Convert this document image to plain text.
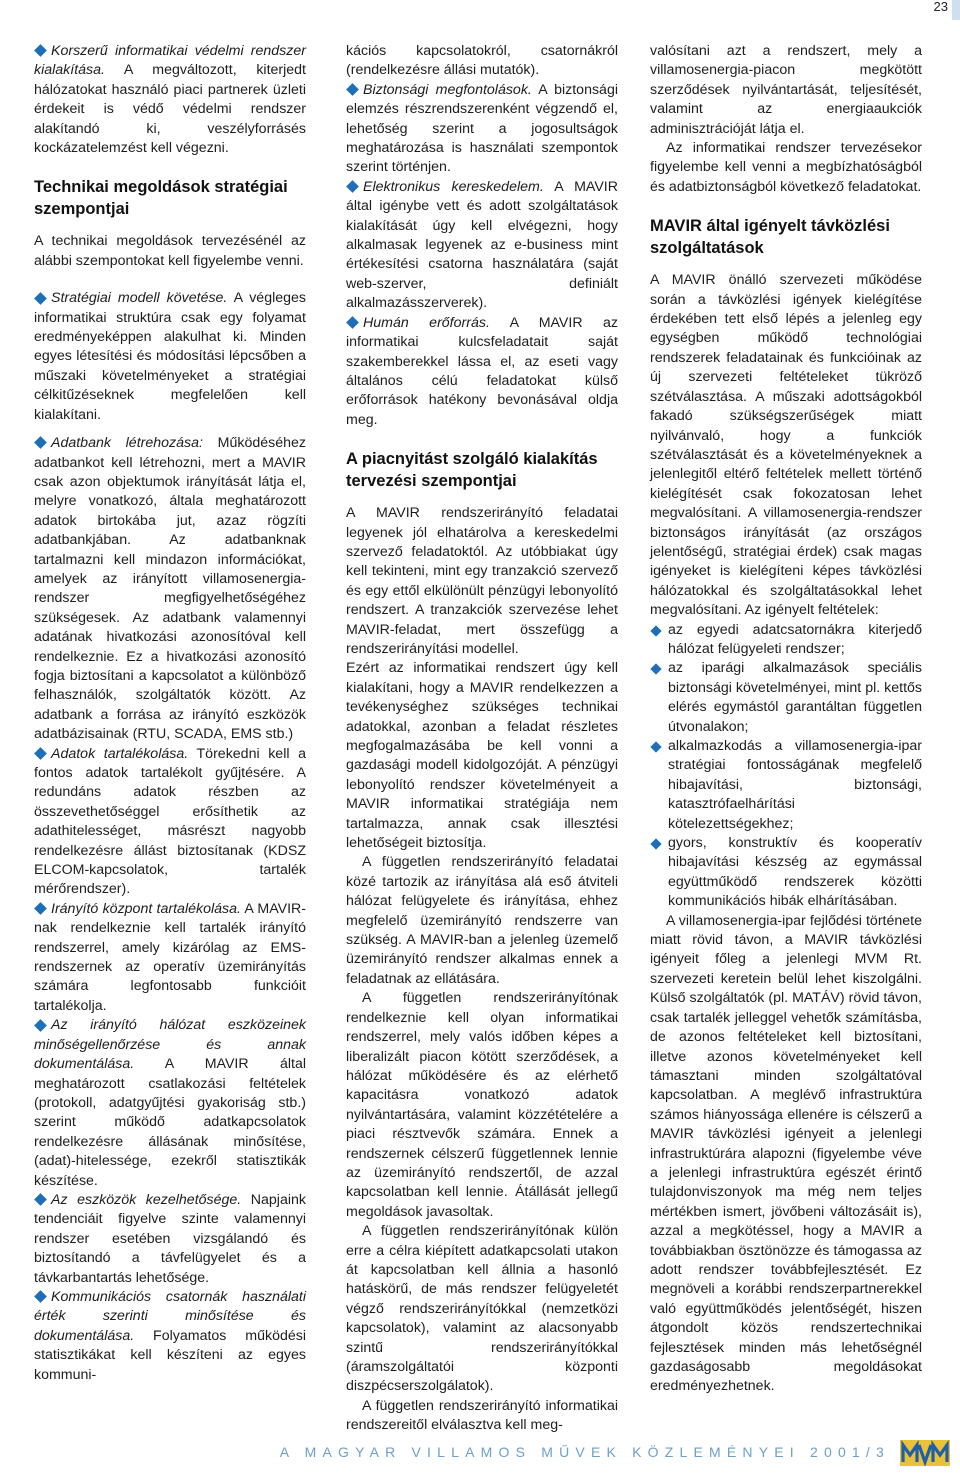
23

Korszerű informatikai védelmi rendszer kialakítása. A megváltozott, kiterjedt hálózatokat használó piaci partnerek üzleti érdekeit is védő védelmi rendszer alakítandó ki, veszélyforrásés kockázatelemzést kell végezni.

Technikai megoldások stratégiai szempontjai

A technikai megoldások tervezésénél az alábbi szempontokat kell figyelembe venni.

Stratégiai modell követése. A végleges informatikai struktúra csak egy folyamat eredményeképpen alakulhat ki. Minden egyes létesítési és módosítási lépcsőben a műszaki követelményeket a stratégiai célkitűzéseknek megfelelően kell kialakítani.

Adatbank létrehozása: Működéséhez adatbankot kell létrehozni, mert a MAVIR csak azon objektumok irányítását látja el, melyre vonatkozó, általa meghatározott adatok birtokába jut, azaz rögzíti adatbankjában. Az adatbanknak tartalmazni kell mindazon információkat, amelyek az irányított villamosenergia-rendszer megfigyelhetőségéhez szükségesek. Az adatbank valamennyi adatának hivatkozási azonosítóval kell rendelkeznie. Ez a hivatkozási azonosító fogja biztosítani a kapcsolatot a különböző felhasználók, szolgáltatók között. Az adatbank a forrása az irányító eszközök adatbázisainak (RTU, SCADA, EMS stb.)

Adatok tartalékolása. Törekedni kell a fontos adatok tartalékolt gyűjtésére. A redundáns adatok részben az összevethetőséggel erősíthetik az adathitelességet, másrészt nagyobb rendelkezésre állást biztosítanak (KDSZ ELCOM-kapcsolatok, tartalék mérőrendszer).

Irányító központ tartalékolása. A MAVIR-nak rendelkeznie kell tartalék irányító rendszerrel, amely kizárólag az EMS-rendszernek az operatív üzemirányítás számára legfontosabb funkcióit tartalékolja.

Az irányító hálózat eszközeinek minőségellenőrzése és annak dokumentálása. A MAVIR által meghatározott csatlakozási feltételek (protokoll, adatgyűjtési gyakoriság stb.) szerint működő adatkapcsolatok rendelkezésre állásának minősítése, (adat)-hitelessége, ezekről statisztikák készítése.

Az eszközök kezelhetősége. Napjaink tendenciáit figyelve szinte valamennyi rendszer esetében vizsgálandó és biztosítandó a távfelügyelet és a távkarbantartás lehetősége.

Kommunikációs csatornák használati érték szerinti minősítése és dokumentálása. Folyamatos működési statisztikákat kell készíteni az egyes kommuni-

kációs kapcsolatokról, csatornákról (rendelkezésre állási mutatók).

Biztonsági megfontolások. A biztonsági elemzés részrendszerenként végzendő el, lehetőség szerint a jogosultságok meghatározása is használati szempontok szerint történjen.

Elektronikus kereskedelem. A MAVIR által igénybe vett és adott szolgáltatások kialakítását úgy kell elvégezni, hogy alkalmasak legyenek az e-business mint értékesítési csatorna használatára (saját web-szerver, definiált alkalmazásszerverek).

Humán erőforrás. A MAVIR az informatikai kulcsfeladatait saját szakemberekkel lássa el, az eseti vagy általános célú feladatokat külső erőforrások hatékony bevonásával oldja meg.

A piacnyitást szolgáló kialakítás tervezési szempontjai

A MAVIR rendszerirányító feladatai legyenek jól elhatárolva a kereskedelmi szervező feladatoktól. Az utóbbiakat úgy kell tekinteni, mint egy tranzakció szervező és egy ettől elkülönült pénzügyi lebonyolító rendszert. A tranzakciók szervezése lehet MAVIR-feladat, mert összefügg a rendszerirányítási modellel.

Ezért az informatikai rendszert úgy kell kialakítani, hogy a MAVIR rendelkezzen a tevékenységhez szükséges technikai adatokkal, azonban a feladat részletes megfogalmazásába be kell vonni a gazdasági modell kidolgozóját. A pénzügyi lebonyolító rendszer követelményeit a MAVIR informatikai stratégiája nem tartalmazza, annak csak illesztési lehetőségeit biztosítja.

A független rendszerirányító feladatai közé tartozik az irányítása alá eső átviteli hálózat felügyelete és irányítása, ehhez megfelelő üzemirányító rendszerre van szükség. A MAVIR-ban a jelenleg üzemelő üzemirányító rendszer alkalmas ennek a feladatnak az ellátására.

A független rendszerirányítónak rendelkeznie kell olyan informatikai rendszerrel, mely valós időben képes a liberalizált piacon kötött szerződések, a hálózat működésére és az elérhető kapacitásra vonatkozó adatok nyilvántartására, valamint közzétételére a piaci résztvevők számára. Ennek a rendszernek célszerű függetlennek lennie az üzemirányító rendszertől, de azzal kapcsolatban kell lennie. Átállását jellegű megoldások javasoltak.

A független rendszerirányítónak külön erre a célra kiépített adatkapcsolati utakon át kapcsolatban kell állnia a hasonló hatáskörű, de más rendszer felügyeletét végző rendszerirányítókkal (nemzetközi kapcsolatok), valamint az alacsonyabb szintű rendszerirányítókkal (áramszolgáltatói központi diszpécserszolgálatok).

A független rendszerirányító informatikai rendszereitől elválasztva kell meg-

valósítani azt a rendszert, mely a villamosenergia-piacon megkötött szerződések nyilvántartását, teljesítését, valamint az energiaaukciók adminisztrációját látja el.

Az informatikai rendszer tervezésekor figyelembe kell venni a megbízhatóságból és adatbiztonságból következő feladatokat.

MAVIR által igényelt távközlési szolgáltatások

A MAVIR önálló szervezeti működése során a távközlési igények kielégítése érdekében tett első lépés a jelenleg egy egységben működő technológiai rendszerek feladatainak és funkcióinak az új szervezeti feltételeket tükröző szétválasztása. A műszaki adottságokból fakadó szükségszerűségek miatt nyilvánvaló, hogy a funkciók szétválasztását és a követelményeknek a jelenlegitől eltérő feltételek mellett történő kielégítését csak fokozatosan lehet megvalósítani. A villamosenergia-rendszer biztonságos irányítását (az országos jelentőségű, stratégiai érdek) csak magas igényeket is kielégíteni képes távközlési hálózatokkal és szolgáltatásokkal lehet megvalósítani. Az igényelt feltételek:

az egyedi adatcsatornákra kiterjedő hálózat felügyeleti rendszer;
az iparági alkalmazások speciális biztonsági követelményei, mint pl. kettős elérés egymástól garantáltan független útvonalakon;
alkalmazkodás a villamosenergia-ipar stratégiai fontosságának megfelelő hibajavítási, biztonsági, katasztrófaelhárítási kötelezettségekhez;
gyors, konstruktív és kooperatív hibajavítási készség az egymással együttműködő rendszerek közötti kommunikációs hibák elhárításában.

A villamosenergia-ipar fejlődési története miatt rövid távon, a MAVIR távközlési igényeit főleg a jelenlegi MVM Rt. szervezeti keretein belül lehet kiszolgálni. Külső szolgáltatók (pl. MATÁV) rövid távon, csak tartalék jelleggel vehetők számításba, de azonos feltételeket kell biztosítani, illetve azonos követelményeket kell támasztani minden szolgáltatóval kapcsolatban. A meglévő infrastruktúra számos hiányossága ellenére is célszerű a MAVIR távközlési igényeit a jelenlegi infrastruktúrára alapozni (figyelembe véve a jelenlegi infrastruktúra egészét érintő tulajdonviszonyok ma még nem teljes mértékben ismert, jövőbeni változásáit is), azzal a megkötéssel, hogy a MAVIR a továbbiakban ösztönözze és támogassa az adott rendszer továbbfejlesztését. Ez megnöveli a korábbi rendszerpartnerekkel való együttműködés jelentőségét, hiszen átgondolt közös rendszertechnikai fejlesztések minden más lehetőségnél gazdaságosabb megoldásokat eredményezhetnek.

A MAGYAR VILLAMOS MŰVEK KÖZLEMÉNYEI 2001/3
